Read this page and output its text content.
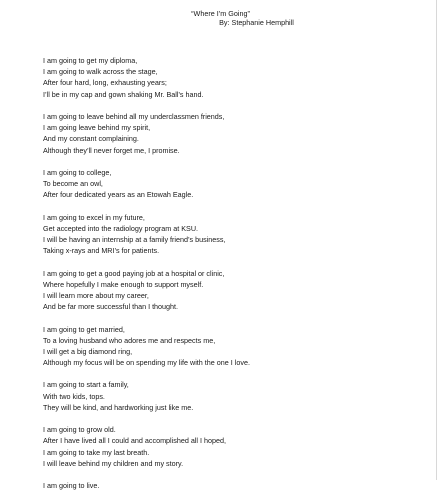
“Where I’m Going”
By: Stephanie Hemphill
I am going to get my diploma,
I am going to walk across the stage,
After four hard, long, exhausting years;
I’ll be in my cap and gown shaking Mr. Ball’s hand.
I am going to leave behind all my underclassmen friends,
I am going leave behind my spirit,
And my constant complaining.
Although they’ll never forget me, I promise.
I am going to college,
To become an owl,
After four dedicated years as an Etowah Eagle.
I am going to excel in my future,
Get accepted into the radiology program at KSU.
I will be having an internship at a family friend’s business,
Taking x-rays and MRI’s for patients.
I am going to get a good paying job at a hospital or clinic,
Where hopefully I make enough to support myself.
I will learn more about my career,
And be far more successful than I thought.
I am going to get married,
To a loving husband who adores me and respects me,
I will get a big diamond ring,
Although my focus will be on spending my life with the one I love.
I am going to start a family,
With two kids, tops.
They will be kind, and hardworking just like me.
I am going to grow old.
After I have lived all I could and accomplished all I hoped,
I am going to take my last breath.
I will leave behind my children and my story.
I am going to live.
